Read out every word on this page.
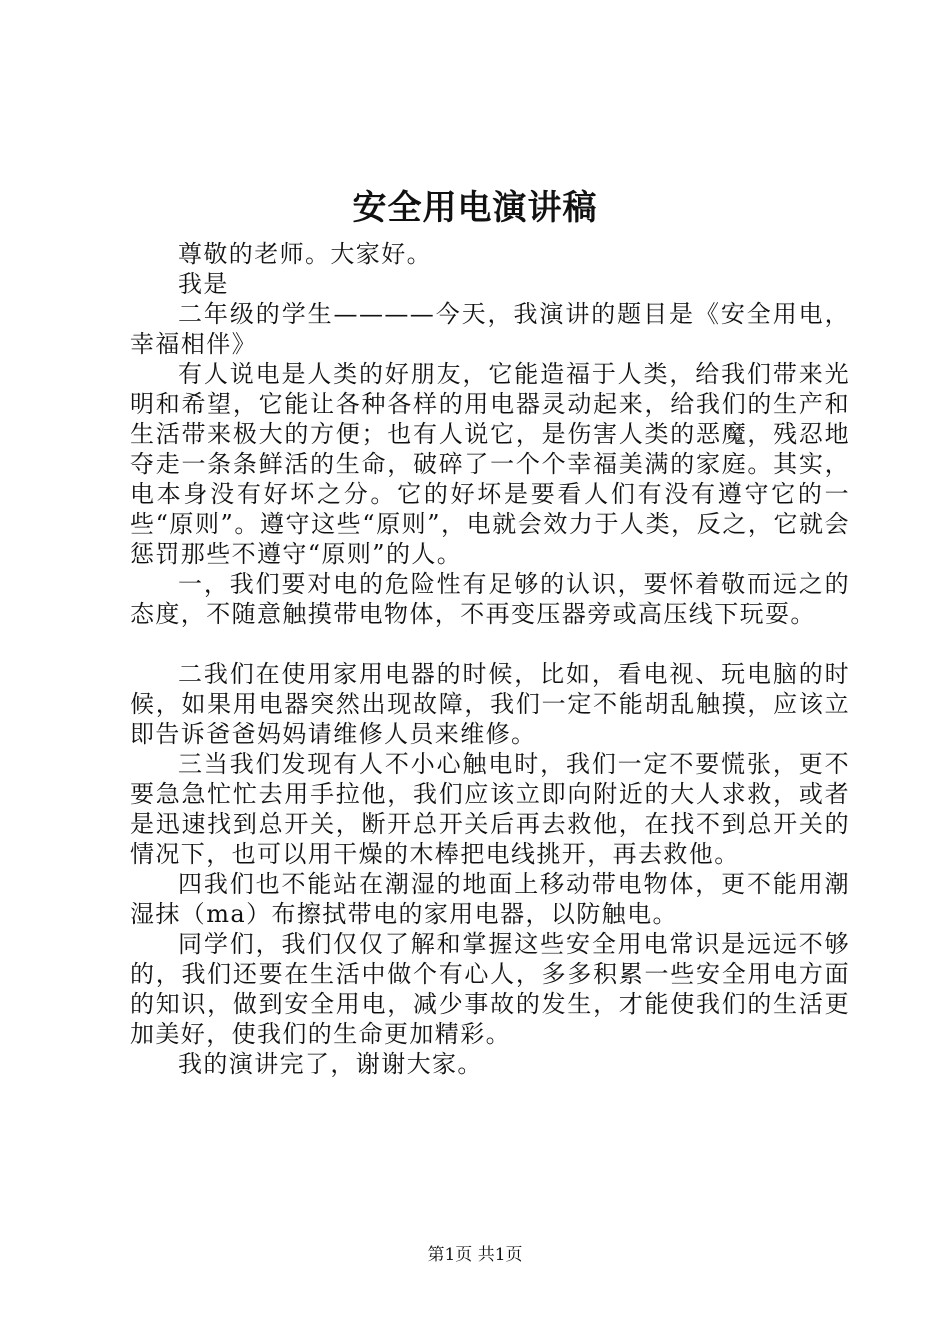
安全用电演讲稿

尊敬的老师。大家好。

我是

二年级的学生————今天，我演讲的题目是《安全用电，幸福相伴》

有人说电是人类的好朋友，它能造福于人类，给我们带来光明和希望，它能让各种各样的用电器灵动起来，给我们的生产和生活带来极大的方便；也有人说它，是伤害人类的恶魔，残忍地夺走一条条鲜活的生命，破碎了一个个幸福美满的家庭。其实，电本身没有好坏之分。它的好坏是要看人们有没有遵守它的一些“原则”。遵守这些“原则”，电就会效力于人类，反之，它就会惩罚那些不遵守“原则”的人。

一，我们要对电的危险性有足够的认识，要怀着敬而远之的态度，不随意触摸带电物体，不再变压器旁或高压线下玩耍。

二我们在使用家用电器的时候，比如，看电视、玩电脑的时候，如果用电器突然出现故障，我们一定不能胡乱触摸，应该立即告诉爸爸妈妈请维修人员来维修。

三当我们发现有人不小心触电时，我们一定不要慌张，更不要急急忙忙去用手拉他，我们应该立即向附近的大人求救，或者是迅速找到总开关，断开总开关后再去救他，在找不到总开关的情况下，也可以用干燥的木棒把电线挑开，再去救他。

四我们也不能站在潮湿的地面上移动带电物体，更不能用潮湿抹（ma）布擦拭带电的家用电器，以防触电。

同学们，我们仅仅了解和掌握这些安全用电常识是远远不够的，我们还要在生活中做个有心人，多多积累一些安全用电方面的知识，做到安全用电，减少事故的发生，才能使我们的生活更加美好，使我们的生命更加精彩。

我的演讲完了，谢谢大家。

第1页 共1页
